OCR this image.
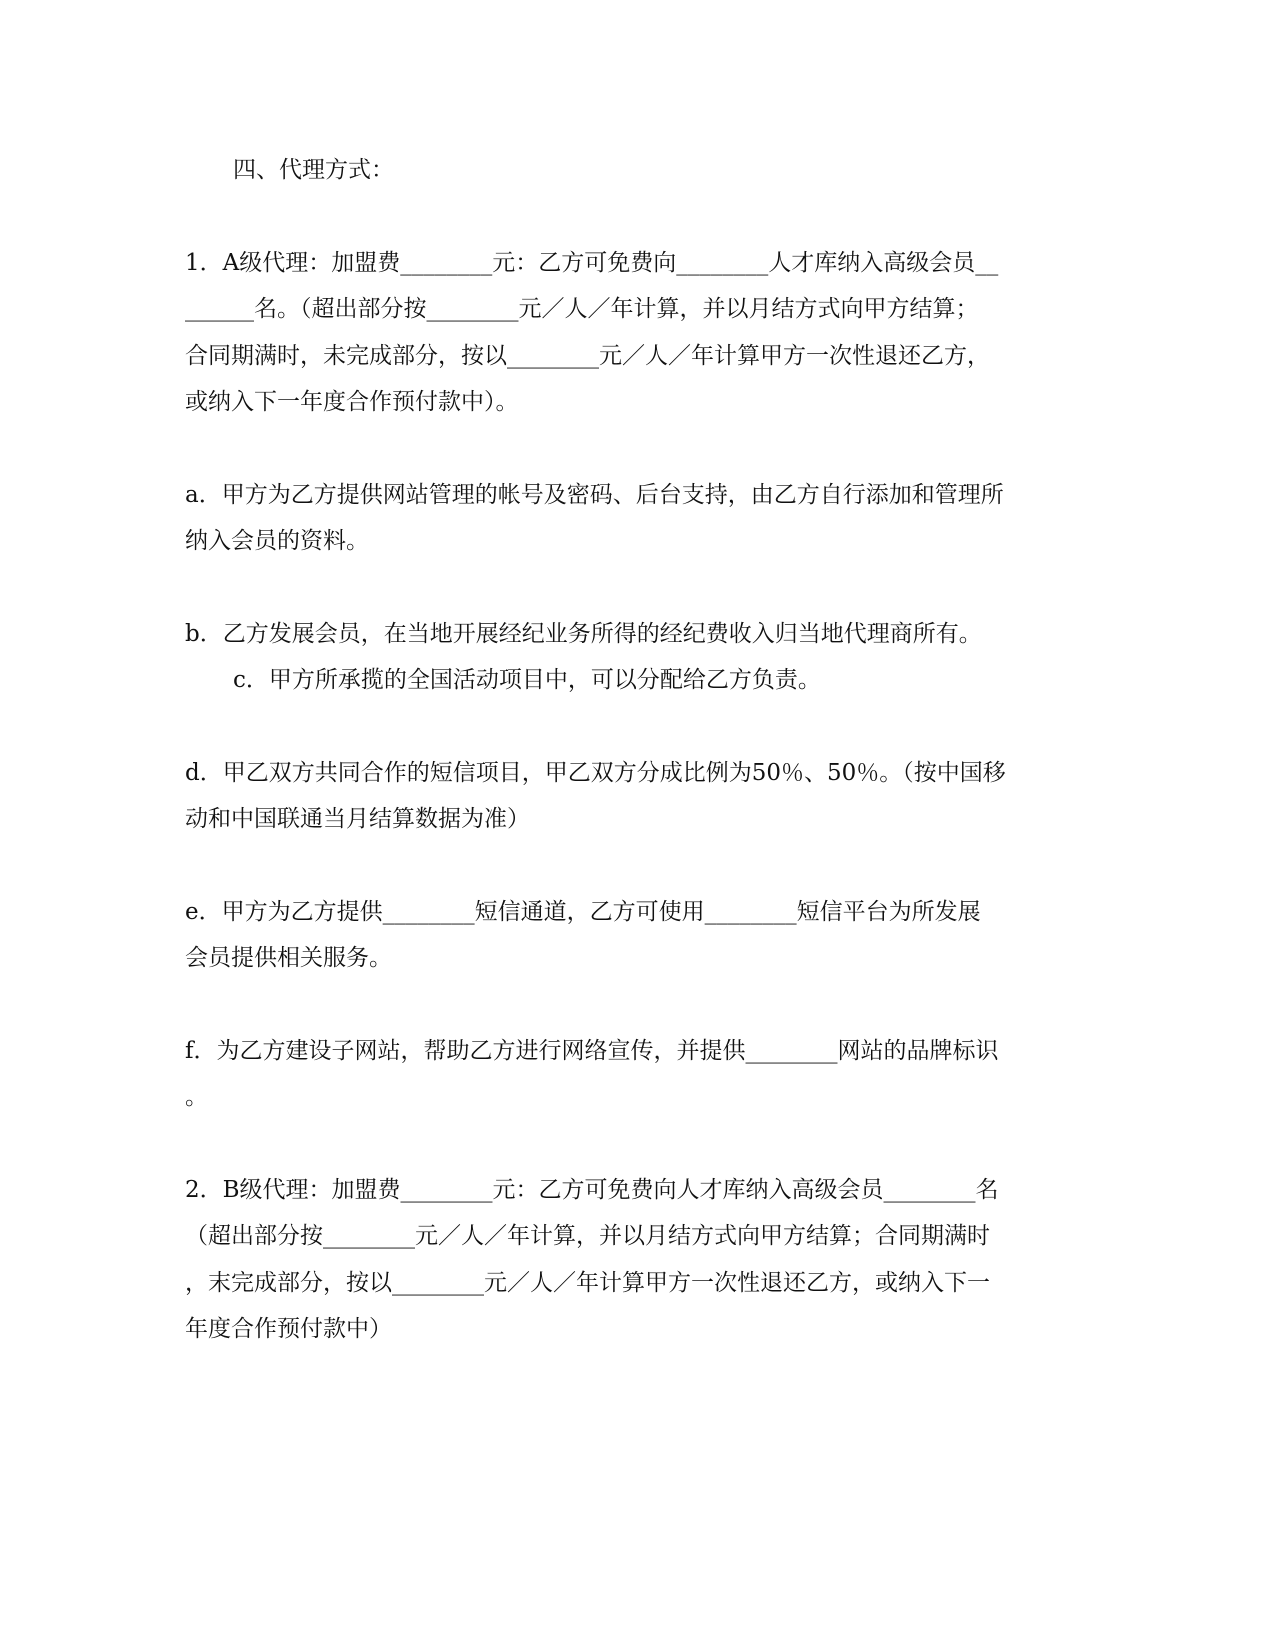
四、代理方式：
1．A级代理：加盟费________元：乙方可免费向________人才库纳入高级会员__
______名。（超出部分按________元／人／年计算，并以月结方式向甲方结算；
合同期满时，未完成部分，按以________元／人／年计算甲方一次性退还乙方，
或纳入下一年度合作预付款中）。
a．甲方为乙方提供网站管理的帐号及密码、后台支持，由乙方自行添加和管理所
纳入会员的资料。
b．乙方发展会员，在当地开展经纪业务所得的经纪费收入归当地代理商所有。
c．甲方所承揽的全国活动项目中，可以分配给乙方负责。
d．甲乙双方共同合作的短信项目，甲乙双方分成比例为50％、50％。（按中国移
动和中国联通当月结算数据为准）
e．甲方为乙方提供________短信通道，乙方可使用________短信平台为所发展
会员提供相关服务。
f．为乙方建设子网站，帮助乙方进行网络宣传，并提供________网站的品牌标识
。
2．B级代理：加盟费________元：乙方可免费向人才库纳入高级会员________名
（超出部分按________元／人／年计算，并以月结方式向甲方结算；合同期满时
，末完成部分，按以________元／人／年计算甲方一次性退还乙方，或纳入下一
年度合作预付款中）
